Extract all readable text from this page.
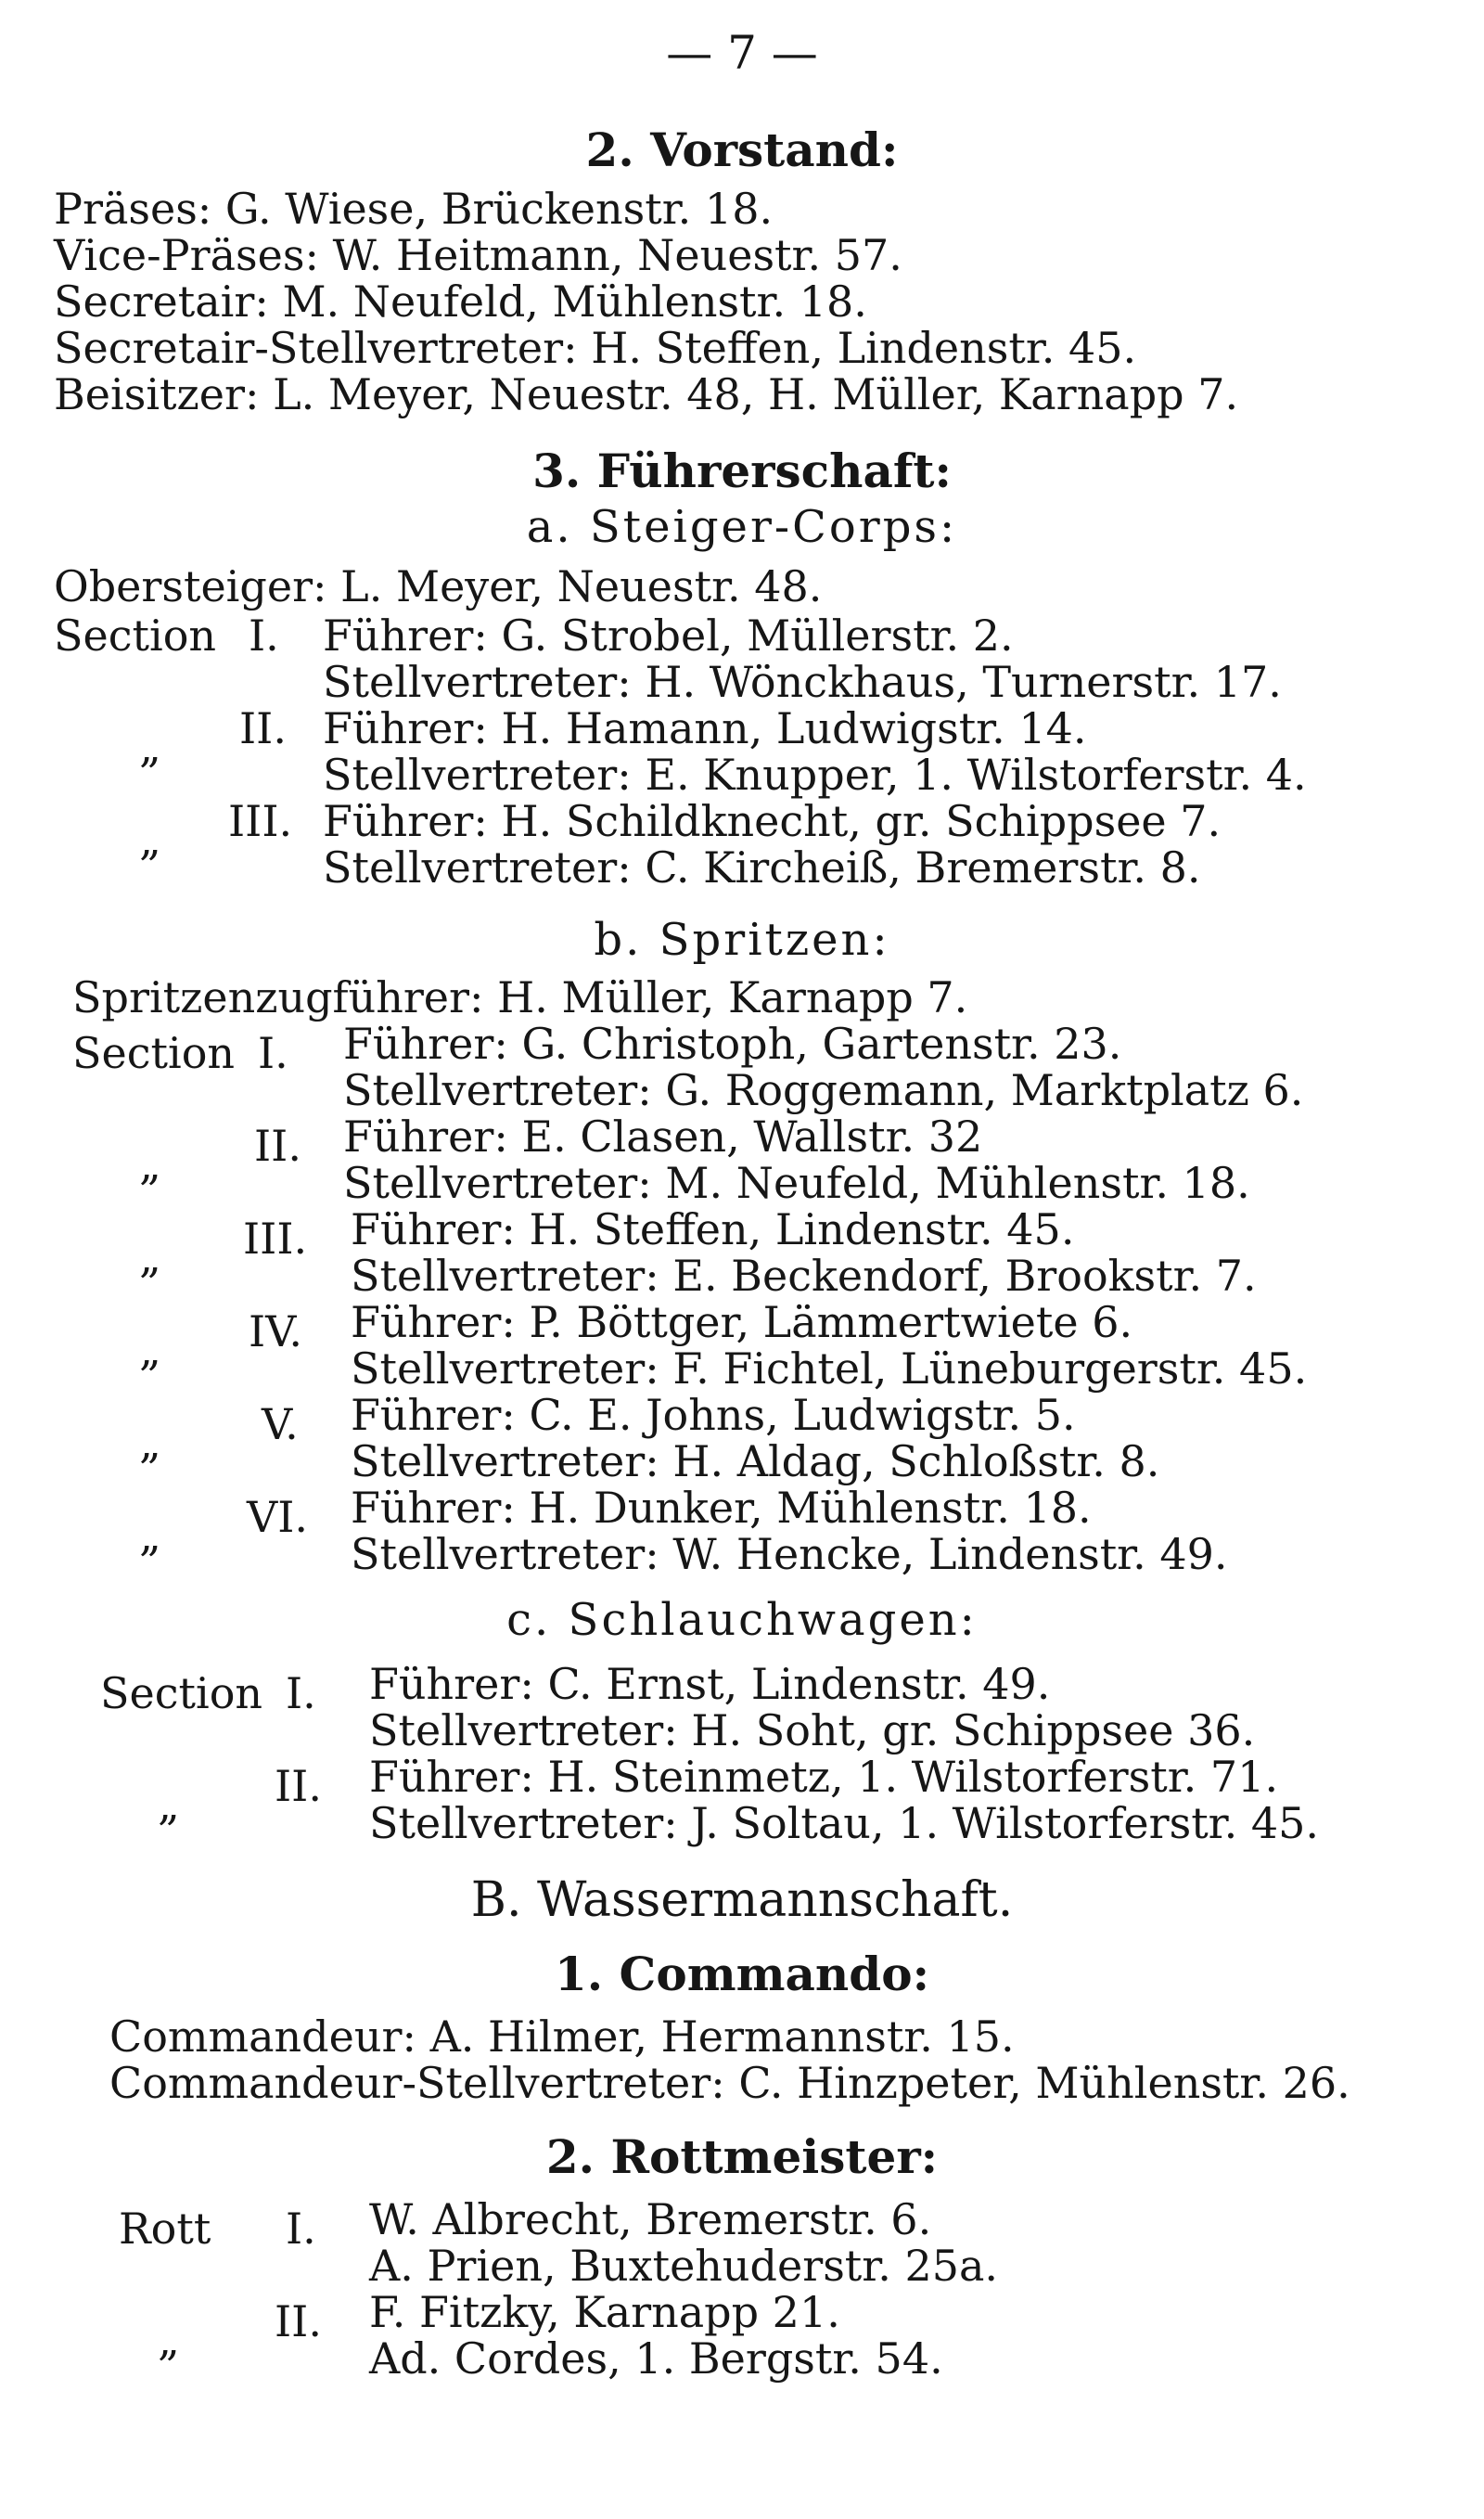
— 7 —
2. Vorstand:
Präses: G. Wiese, Brückenstr. 18.
Vice-Präses: W. Heitmann, Neuestr. 57.
Secretair: M. Neufeld, Mühlenstr. 18.
Secretair-Stellvertreter: H. Steffen, Lindenstr. 45.
Beisitzer: L. Meyer, Neuestr. 48, H. Müller, Karnapp 7.
3. Führerschaft:
a. Steiger-Corps:
Obersteiger: L. Meyer, Neuestr. 48.
Section I. Führer: G. Strobel, Müllerstr. 2.
Stellvertreter: H. Wönckhaus, Turnerstr. 17.
„ II. Führer: H. Hamann, Ludwigstr. 14.
Stellvertreter: E. Knupper, 1. Wilstorferstr. 4.
„ III. Führer: H. Schildknecht, gr. Schippsee 7.
Stellvertreter: C. Kircheiß, Bremerstr. 8.
b. Spritzen:
Spritzenzugführer: H. Müller, Karnapp 7.
Section I. Führer: G. Christoph, Gartenstr. 23.
Stellvertreter: G. Roggemann, Marktplatz 6.
„ II. Führer: E. Clasen, Wallstr. 32
Stellvertreter: M. Neufeld, Mühlenstr. 18.
„ III. Führer: H. Steffen, Lindenstr. 45.
Stellvertreter: E. Beckendorf, Brookstr. 7.
„ IV. Führer: P. Böttger, Lämmertwiete 6.
Stellvertreter: F. Fichtel, Lüneburgerstr. 45.
„ V. Führer: C. E. Johns, Ludwigstr. 5.
Stellvertreter: H. Aldag, Schloßstr. 8.
„ VI. Führer: H. Dunker, Mühlenstr. 18.
Stellvertreter: W. Hencke, Lindenstr. 49.
c. Schlauchwagen:
Section I. Führer: C. Ernst, Lindenstr. 49.
Stellvertreter: H. Soht, gr. Schippsee 36.
„ II. Führer: H. Steinmetz, 1. Wilstorferstr. 71.
Stellvertreter: J. Soltau, 1. Wilstorferstr. 45.
B. Wassermannschaft.
1. Commando:
Commandeur: A. Hilmer, Hermannstr. 15.
Commandeur-Stellvertreter: C. Hinzpeter, Mühlenstr. 26.
2. Rottmeister:
Rott I. W. Albrecht, Bremerstr. 6.
A. Prien, Buxtehuderstr. 25a.
„ II. F. Fitzky, Karnapp 21.
Ad. Cordes, 1. Bergstr. 54.
